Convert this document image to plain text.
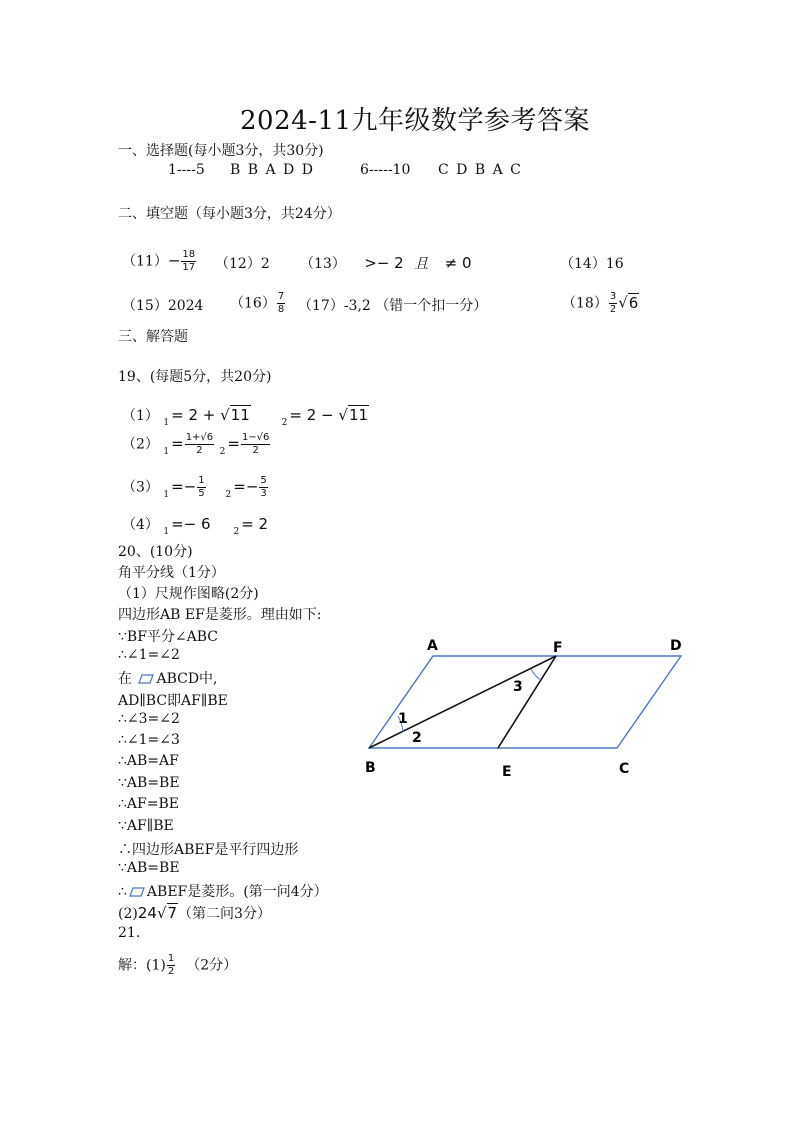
2024-11九年级数学参考答案
一、选择题(每小题3分，共30分)
1----5 B B A D D	6-----10 C D B A C
二、填空题（每小题3分，共24分）
$(11)- \frac{18}{17} (12)2$ （13） >− 2 且 ≠ 0	（14）16
（15）2024 $(16) \frac{7}{8} (17)-3,2$ （错一个扣一分）	$(18) \frac{3}{2} √6$
三、解答题
19、(每题5分，共20分)
（1） $_1$ = 2 + √11	$_2$ = 2 − √11
（2） $_1 = \frac{1+√6}{2} _2 = \frac{1-√6}{2}$
（3） $_1 =- \frac{1}{5} _2 =- \frac{5}{3}$
（4） $_1$ =− 6	$_2$ = 2
20、(10分)
角平分线（1分）
（1）尺规作图略(2分)
四边形AB EF是菱形。理由如下:
∵BF平分∠ABC
∴∠1=∠2
在 ABCD中,
AD∥BC即AF∥BE
∴∠3=∠2
∴∠1=∠3
∴AB=AF
∵AB=BE
∴AF=BE
∵AF∥BE
∴四边形ABEF是平行四边形
∵AB=BE
∴ ABEF是菱形。(第一问4分）
(2)24√7（第二问3分）
21.
解：$(1) \frac{1}{2} (2$分）
A	F	D
B	E	C
1
2
3
